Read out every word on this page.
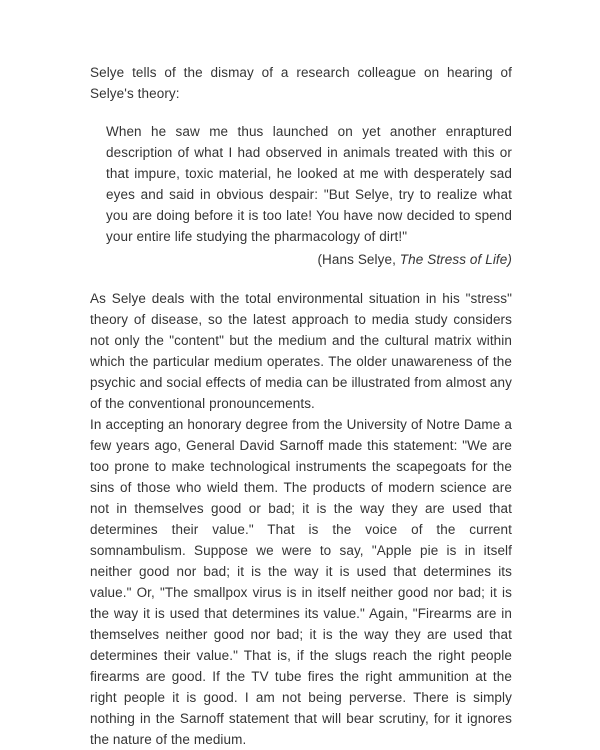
Selye tells of the dismay of a research colleague on hearing of Selye's theory:

When he saw me thus launched on yet another enraptured description of what I had observed in animals treated with this or that impure, toxic material, he looked at me with desperately sad eyes and said in obvious despair: "But Selye, try to realize what you are doing before it is too late! You have now decided to spend your entire life studying the pharmacology of dirt!"

(Hans Selye, The Stress of Life)

As Selye deals with the total environmental situation in his "stress" theory of disease, so the latest approach to media study considers not only the "content" but the medium and the cultural matrix within which the particular medium operates. The older unawareness of the psychic and social effects of media can be illustrated from almost any of the conventional pronouncements.

In accepting an honorary degree from the University of Notre Dame a few years ago, General David Sarnoff made this statement: "We are too prone to make technological instruments the scapegoats for the sins of those who wield them. The products of modern science are not in themselves good or bad; it is the way they are used that determines their value." That is the voice of the current somnambulism. Suppose we were to say, "Apple pie is in itself neither good nor bad; it is the way it is used that determines its value." Or, "The smallpox virus is in itself neither good nor bad; it is the way it is used that determines its value." Again, "Firearms are in themselves neither good nor bad; it is the way they are used that determines their value." That is, if the slugs reach the right people firearms are good. If the TV tube fires the right ammunition at the right people it is good. I am not being perverse. There is simply nothing in the Sarnoff statement that will bear scrutiny, for it ignores the nature of the medium.
